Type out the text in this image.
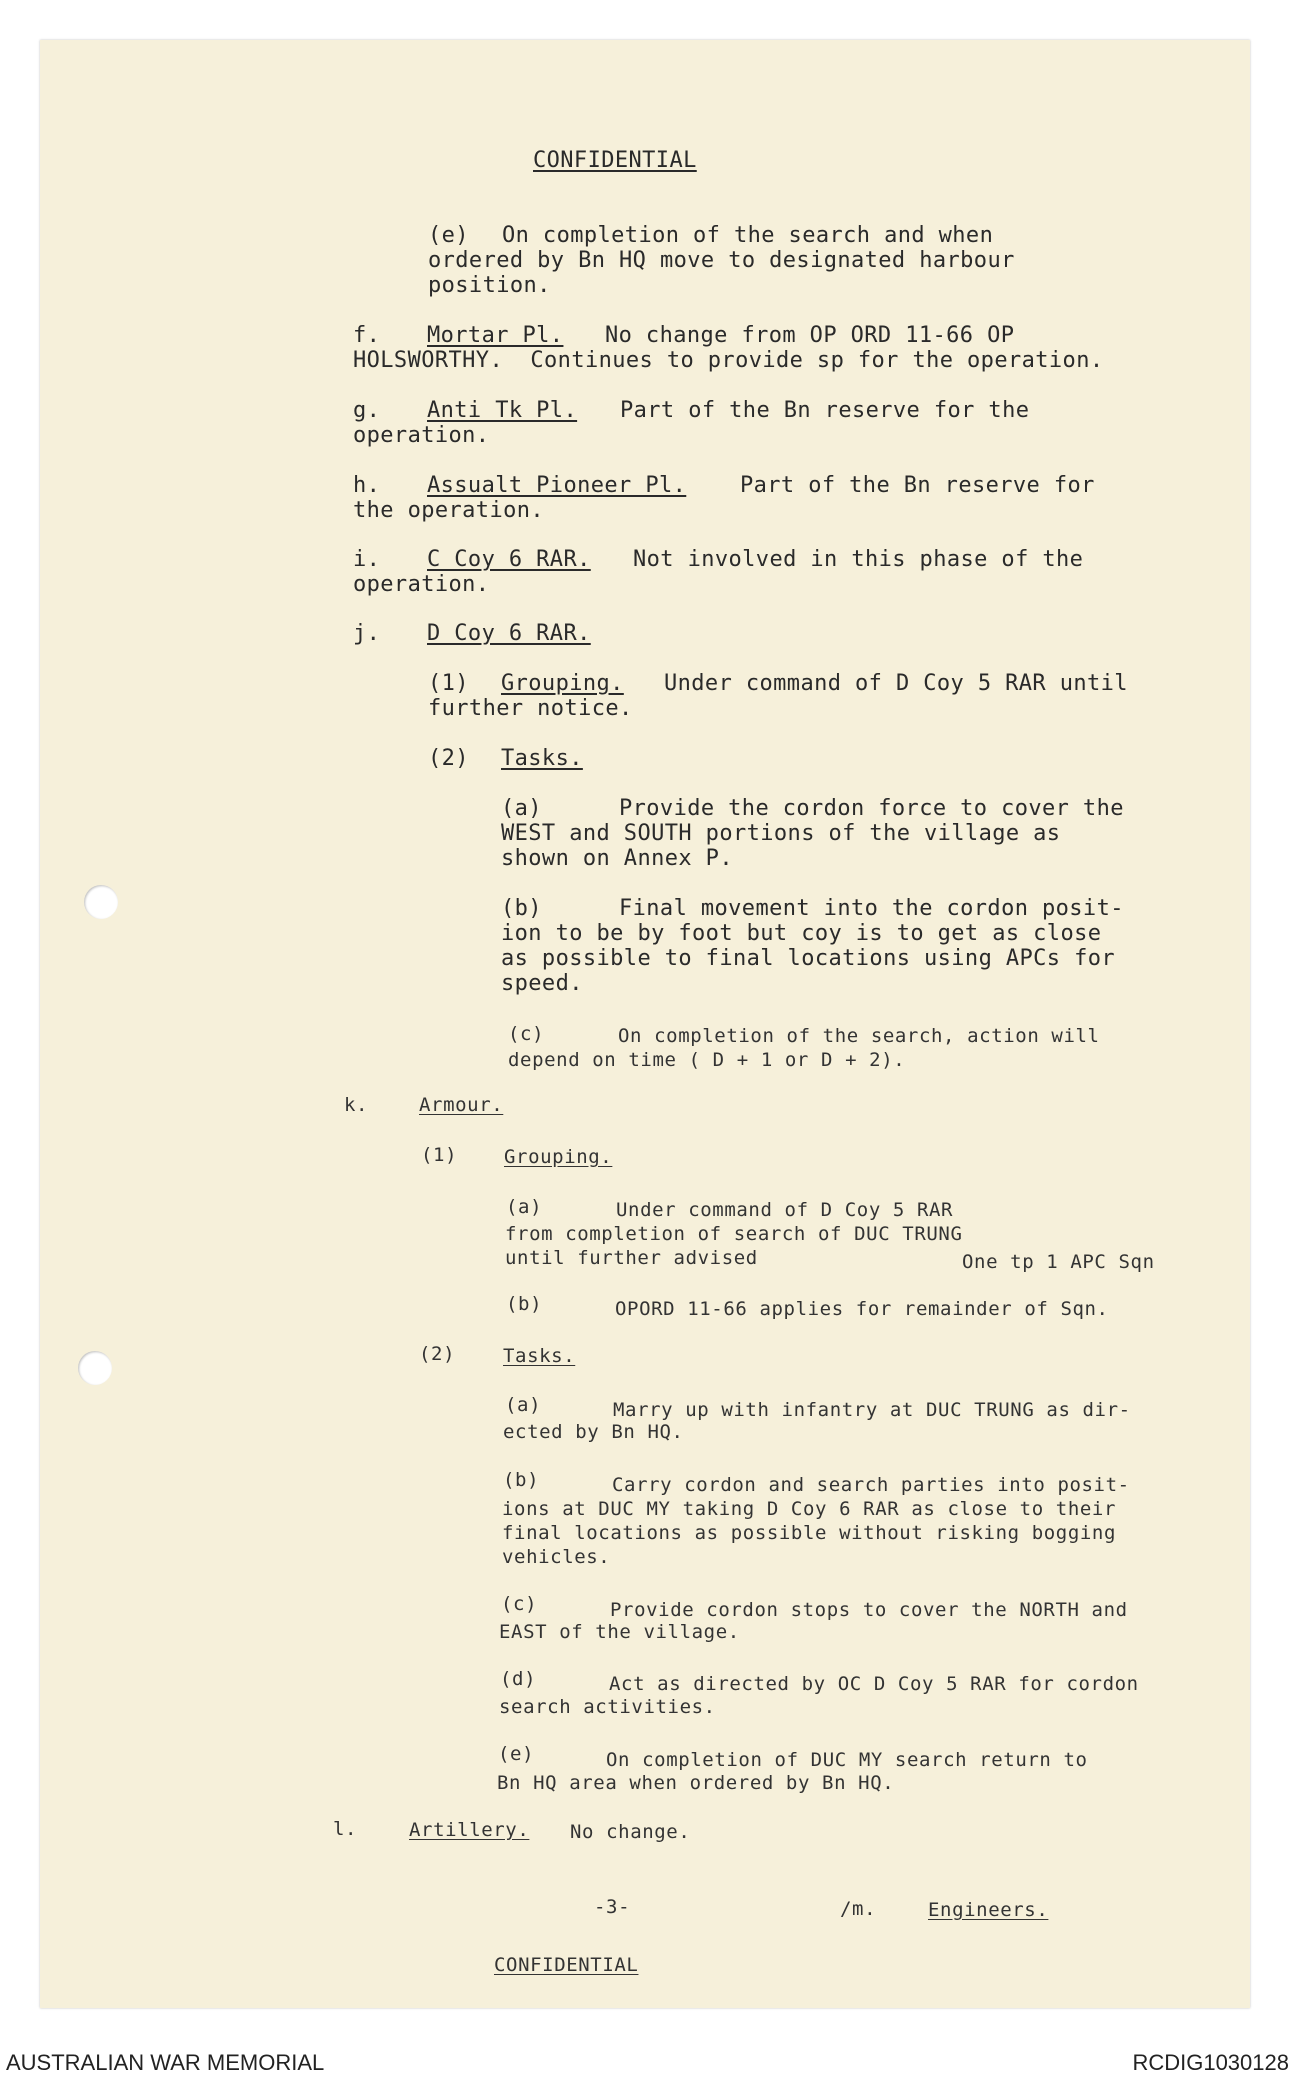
CONFIDENTIAL
(e) On completion of the search and when
ordered by Bn HQ move to designated harbour
position.
f. Mortar Pl. No change from OP ORD 11-66 OP
HOLSWORTHY.  Continues to provide sp for the operation.
g. Anti Tk Pl. Part of the Bn reserve for the
operation.
h. Assualt Pioneer Pl. Part of the Bn reserve for
the operation.
i. C Coy 6 RAR. Not involved in this phase of the
operation.
j. D Coy 6 RAR.
(1) Grouping. Under command of D Coy 5 RAR until
further notice.
(2) Tasks.
(a)	Provide the cordon force to cover the
WEST and SOUTH portions of the village as
shown on Annex P.
(b)	Final movement into the cordon posit-
ion to be by foot but coy is to get as close
as possible to final locations using APCs for
speed.
(c)	On completion of the search, action will
depend on time ( D + 1 or D + 2).
k.	Armour.
(1) Grouping.
(a)	Under command of D Coy 5 RAR
from completion of search of DUC TRUNG
until further advised	One tp 1 APC Sqn
(b)	OPORD 11-66 applies for remainder of Sqn.
(2)	Tasks.
(a)	Marry up with infantry at DUC TRUNG as dir-
ected by Bn HQ.
(b)	Carry cordon and search parties into posit-
ions at DUC MY taking D Coy 6 RAR as close to their
final locations as possible without risking bogging
vehicles.
(c)	Provide cordon stops to cover the NORTH and
EAST of the village.
(d)	Act as directed by OC D Coy 5 RAR for cordon
search activities.
(e)	On completion of DUC MY search return to
Bn HQ area when ordered by Bn HQ.
l.	Artillery. No change.
-3-	/m.	Engineers.
CONFIDENTIAL
AUSTRALIAN WAR MEMORIAL	RCDIG1030128
